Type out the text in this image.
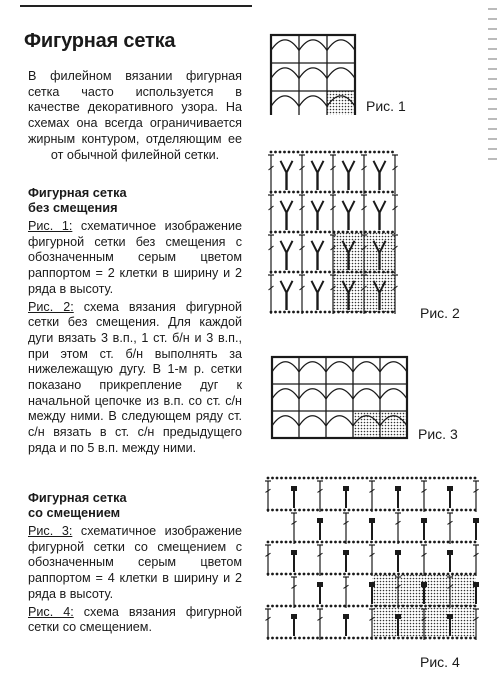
Фигурная сетка

В филейном вязании фигурная сетка часто используется в качестве декоративного узора. На схемах она всегда ограничивается жирным контуром, отделяющим ее от обычной филейной сетки.

Фигурная сетка
без смещения

Рис. 1: схематичное изображение фигурной сетки без смещения с обозначенным серым цветом раппортом = 2 клетки в ширину и 2 ряда в высоту.

Рис. 2: схема вязания фигурной сетки без смещения. Для каждой дуги вязать 3 в.п., 1 ст. б/н и 3 в.п., при этом ст. б/н выполнять за нижележащую дугу. В 1-м р. сетки показано прикрепление дуг к начальной цепочке из в.п. со ст. с/н между ними. В следующем ряду ст. с/н вязать в ст. с/н предыдущего ряда и по 5 в.п. между ними.

Фигурная сетка
со смещением

Рис. 3: схематичное изображение фигурной сетки со смещением с обозначенным серым цветом раппортом = 4 клетки в ширину и 2 ряда в высоту.

Рис. 4: схема вязания фигурной сетки со смещением.

Рис. 1
Рис. 2
Рис. 3
Рис. 4
